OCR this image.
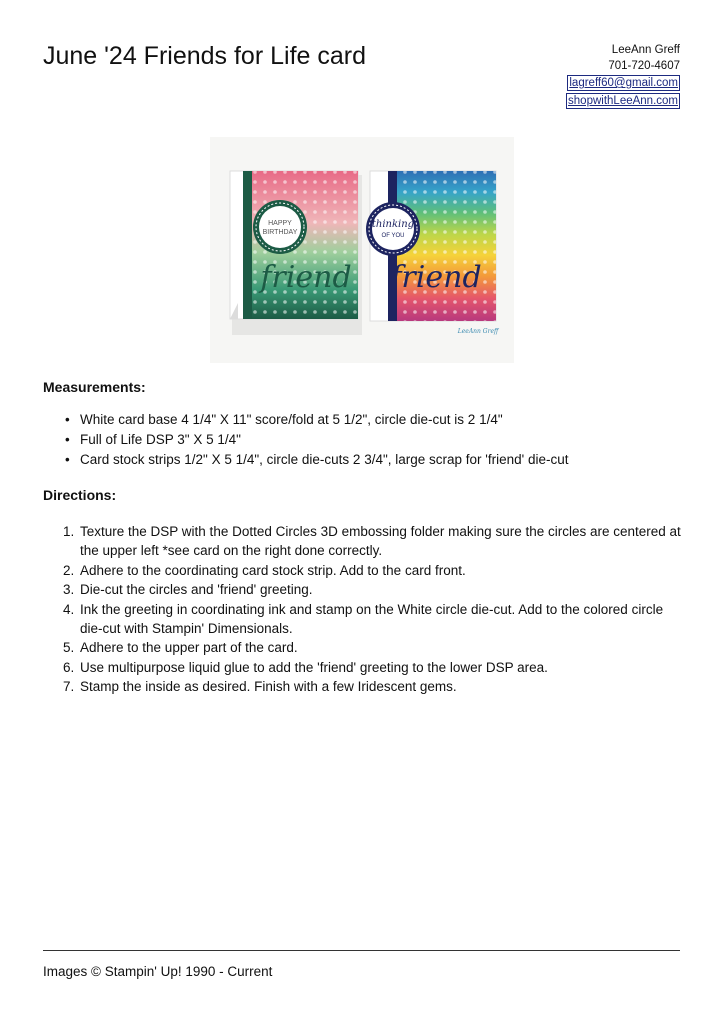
June '24 Friends for Life card	LeeAnn Greff
701-720-4607
lagreff60@gmail.com
shopwithLeeAnn.com
HAPPY
BIRTHDAY
friend
thinking
OF YOU
friend
LeeAnn Greff
Measurements:
• White card base 4 1/4" X 11" score/fold at 5 1/2", circle die-cut is 2 1/4"
• Full of Life DSP 3" X 5 1/4"
• Card stock strips 1/2" X 5 1/4", circle die-cuts 2 3/4", large scrap for 'friend' die-cut
Directions:
1. Texture the DSP with the Dotted Circles 3D embossing folder making sure the circles are centered at the upper left *see card on the right done correctly.
2. Adhere to the coordinating card stock strip. Add to the card front.
3. Die-cut the circles and 'friend' greeting.
4. Ink the greeting in coordinating ink and stamp on the White circle die-cut. Add to the colored circle die-cut with Stampin' Dimensionals.
5. Adhere to the upper part of the card.
6. Use multipurpose liquid glue to add the 'friend' greeting to the lower DSP area.
7. Stamp the inside as desired. Finish with a few Iridescent gems.
Images © Stampin' Up! 1990 - Current
